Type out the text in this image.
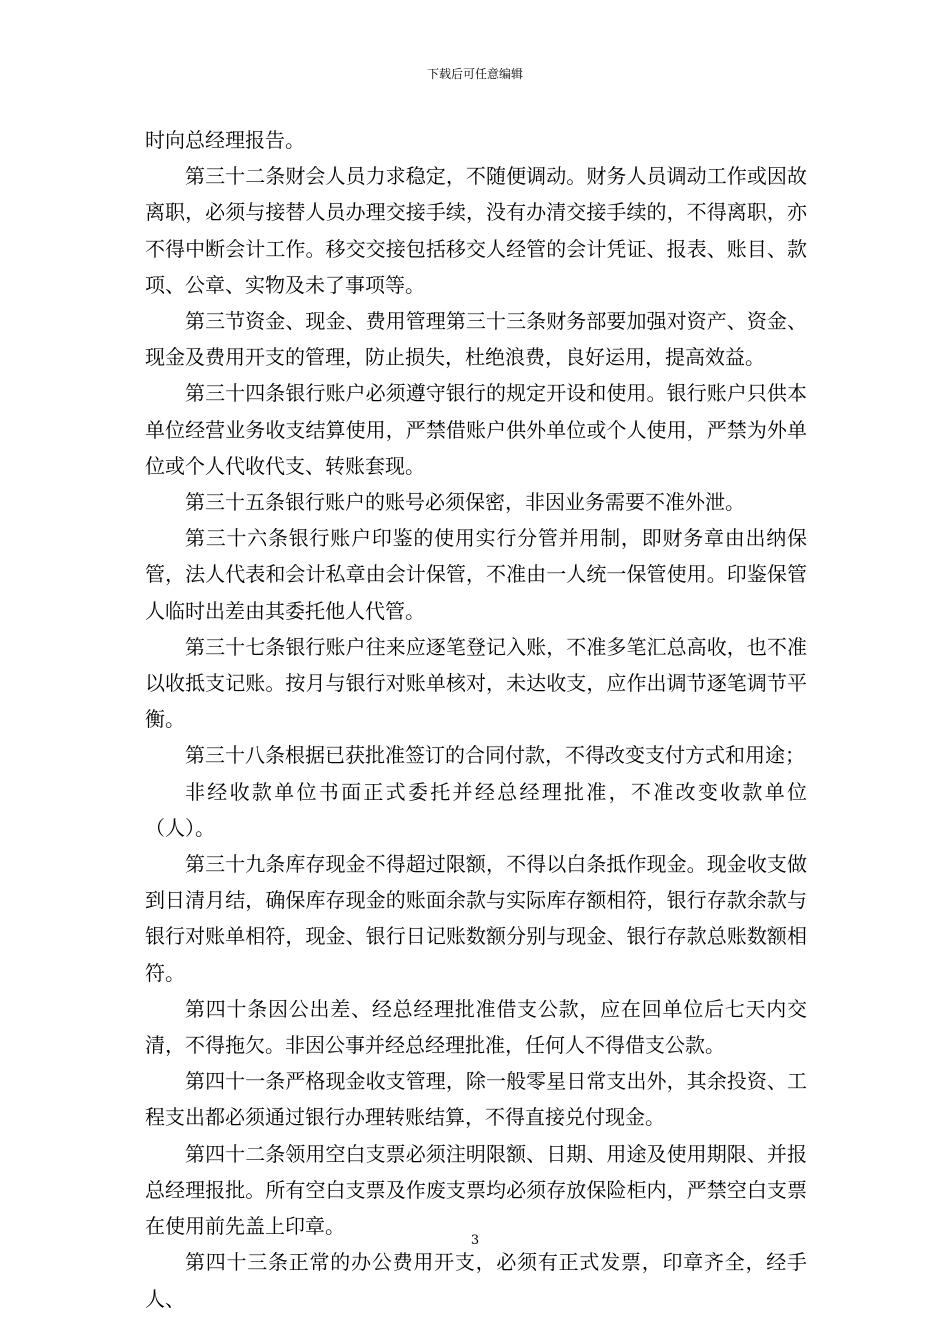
下载后可任意编辑

时向总经理报告。

第三十二条财会人员力求稳定，不随便调动。财务人员调动工作或因故离职，必须与接替人员办理交接手续，没有办清交接手续的，不得离职，亦不得中断会计工作。移交交接包括移交人经管的会计凭证、报表、账目、款项、公章、实物及未了事项等。

第三节资金、现金、费用管理第三十三条财务部要加强对资产、资金、现金及费用开支的管理，防止损失，杜绝浪费，良好运用，提高效益。

第三十四条银行账户必须遵守银行的规定开设和使用。银行账户只供本单位经营业务收支结算使用，严禁借账户供外单位或个人使用，严禁为外单位或个人代收代支、转账套现。

第三十五条银行账户的账号必须保密，非因业务需要不准外泄。

第三十六条银行账户印鉴的使用实行分管并用制，即财务章由出纳保管，法人代表和会计私章由会计保管，不准由一人统一保管使用。印鉴保管人临时出差由其委托他人代管。

第三十七条银行账户往来应逐笔登记入账，不准多笔汇总高收，也不准以收抵支记账。按月与银行对账单核对，未达收支，应作出调节逐笔调节平衡。

第三十八条根据已获批准签订的合同付款，不得改变支付方式和用途；

非经收款单位书面正式委托并经总经理批准，不准改变收款单位（人）。

第三十九条库存现金不得超过限额，不得以白条抵作现金。现金收支做到日清月结，确保库存现金的账面余款与实际库存额相符，银行存款余款与银行对账单相符，现金、银行日记账数额分别与现金、银行存款总账数额相符。

第四十条因公出差、经总经理批准借支公款，应在回单位后七天内交清，不得拖欠。非因公事并经总经理批准，任何人不得借支公款。

第四十一条严格现金收支管理，除一般零星日常支出外，其余投资、工程支出都必须通过银行办理转账结算，不得直接兑付现金。

第四十二条领用空白支票必须注明限额、日期、用途及使用期限、并报总经理报批。所有空白支票及作废支票均必须存放保险柜内，严禁空白支票在使用前先盖上印章。

第四十三条正常的办公费用开支，必须有正式发票，印章齐全，经手人、

3
